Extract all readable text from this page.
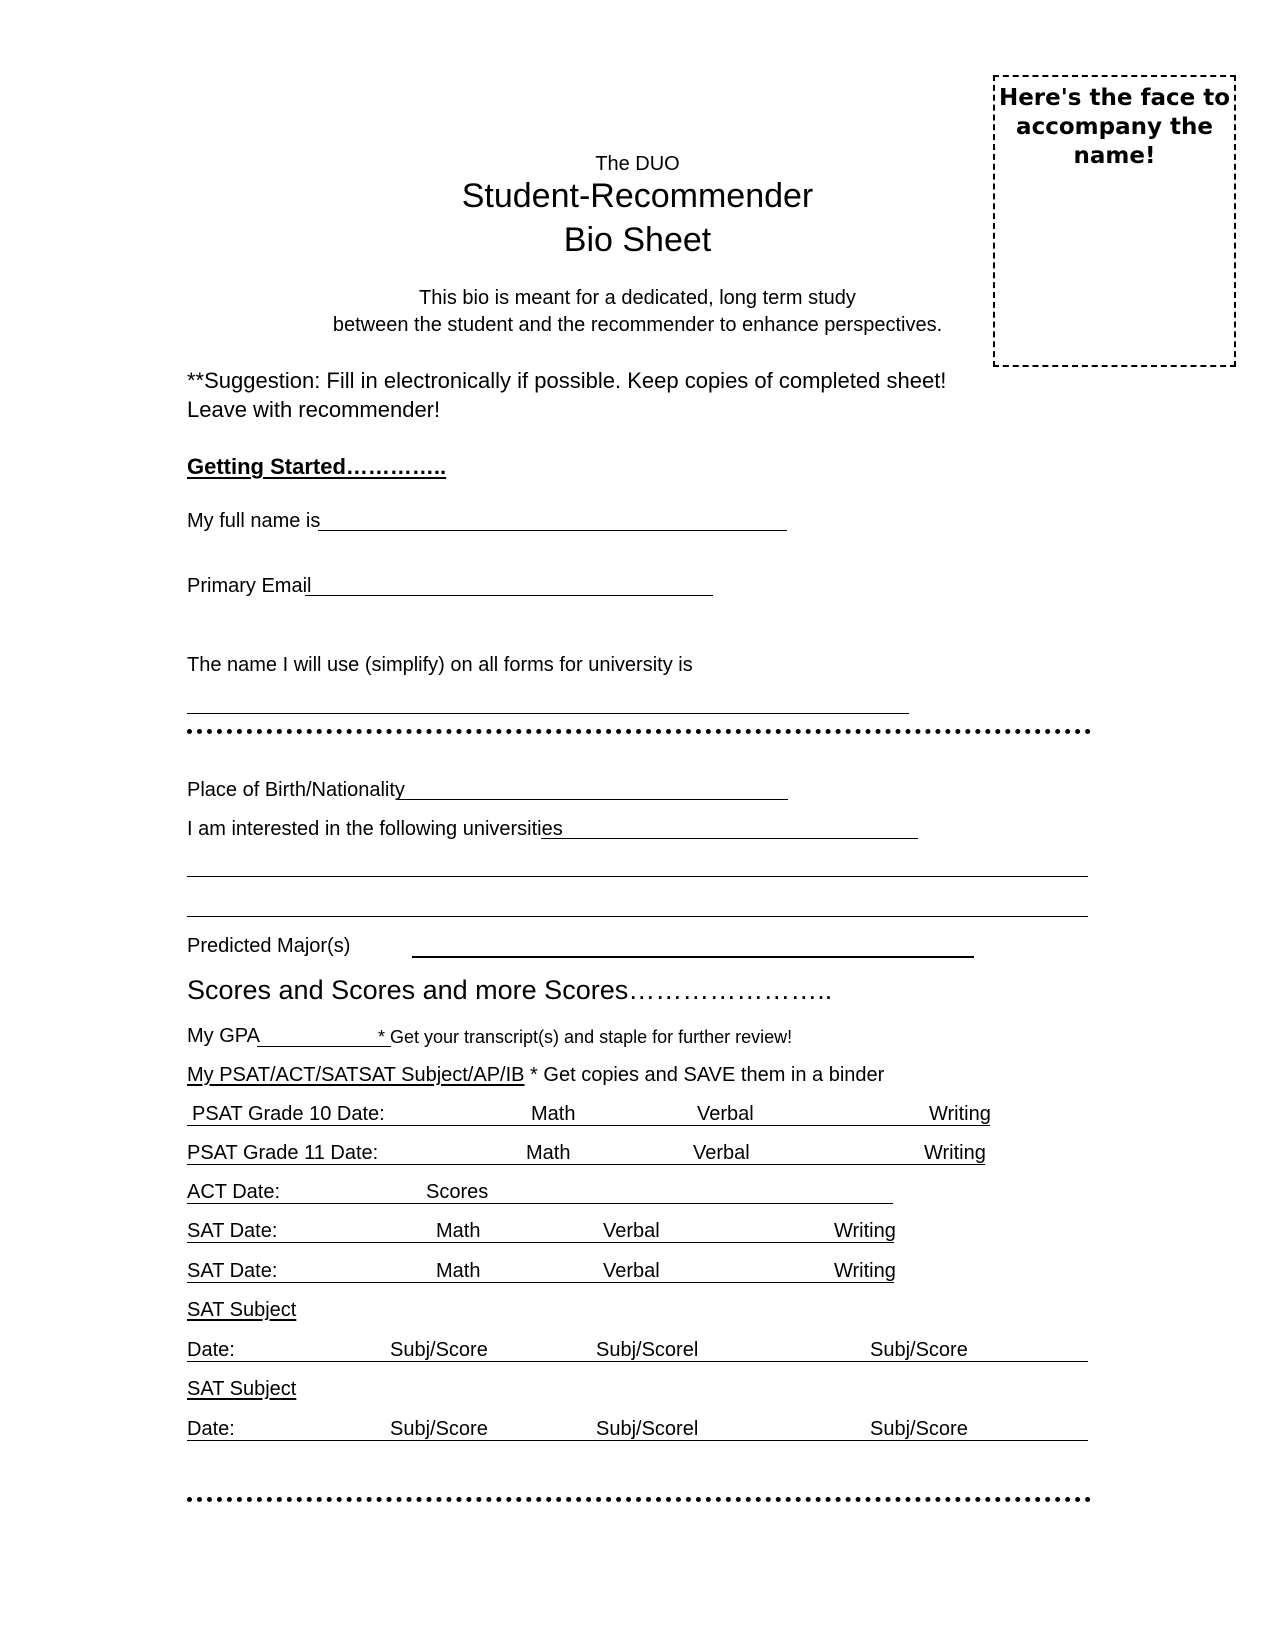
Here's the face to accompany the name!
The DUO
Student-Recommender
Bio Sheet
This bio is meant for a dedicated, long term study
between the student and the recommender to enhance perspectives.
**Suggestion: Fill in electronically if possible. Keep copies of completed sheet!
Leave with recommender!
Getting Started…………..
My full name is
Primary Email
The name I will use (simplify) on all forms for university is
Place of Birth/Nationality
I am interested in the following universities
Predicted Major(s)
Scores and Scores and more Scores…………………..
My GPA	* Get your transcript(s) and staple for further review!
My PSAT/ACT/SATSAT Subject/AP/IB * Get copies and SAVE them in a binder
PSAT Grade 10 Date:	Math	Verbal	Writing
PSAT Grade 11 Date:	Math	Verbal	Writing
ACT Date:	Scores
SAT Date:	Math	Verbal	Writing
SAT Date:	Math	Verbal	Writing
SAT Subject
Date:	Subj/Score	Subj/Scorel	Subj/Score
SAT Subject
Date:	Subj/Score	Subj/Scorel	Subj/Score
